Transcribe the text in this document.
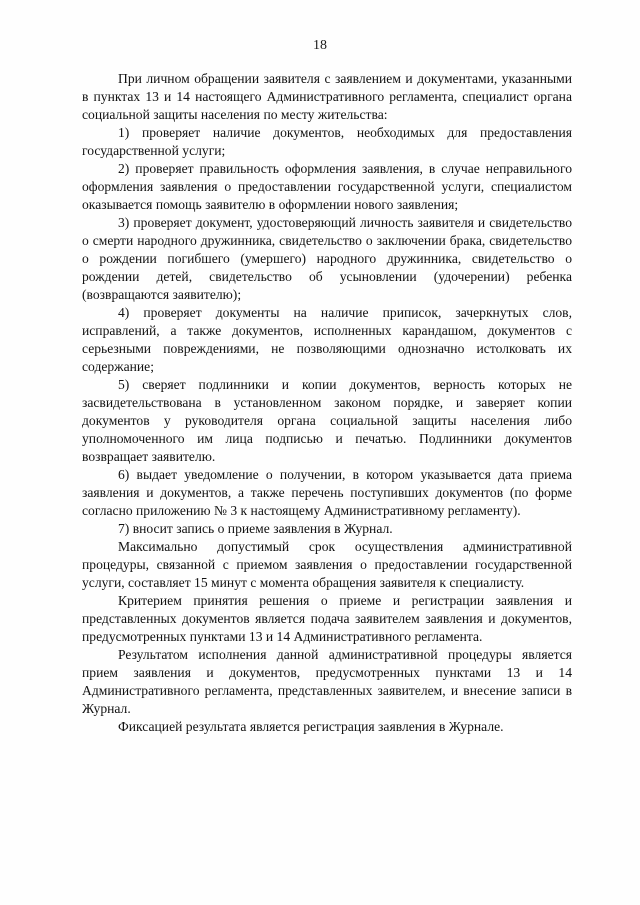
18

При личном обращении заявителя с заявлением и документами, указанными в пунктах 13 и 14 настоящего Административного регламента, специалист органа социальной защиты населения по месту жительства:

1) проверяет наличие документов, необходимых для предоставления государственной услуги;

2) проверяет правильность оформления заявления, в случае неправильного оформления заявления о предоставлении государственной услуги, специалистом оказывается помощь заявителю в оформлении нового заявления;

3) проверяет документ, удостоверяющий личность заявителя и свидетельство о смерти народного дружинника, свидетельство о заключении брака, свидетельство о рождении погибшего (умершего) народного дружинника, свидетельство о рождении детей, свидетельство об усыновлении (удочерении) ребенка (возвращаются заявителю);

4) проверяет документы на наличие приписок, зачеркнутых слов, исправлений, а также документов, исполненных карандашом, документов с серьезными повреждениями, не позволяющими однозначно истолковать их содержание;

5) сверяет подлинники и копии документов, верность которых не засвидетельствована в установленном законом порядке, и заверяет копии документов у руководителя органа социальной защиты населения либо уполномоченного им лица подписью и печатью. Подлинники документов возвращает заявителю.

6) выдает уведомление о получении, в котором указывается дата приема заявления и документов, а также перечень поступивших документов (по форме согласно приложению № 3 к настоящему Административному регламенту).

7) вносит запись о приеме заявления в Журнал.

Максимально допустимый срок осуществления административной процедуры, связанной с приемом заявления о предоставлении государственной услуги, составляет 15 минут с момента обращения заявителя к специалисту.

Критерием принятия решения о приеме и регистрации заявления и представленных документов является подача заявителем заявления и документов, предусмотренных пунктами 13 и 14 Административного регламента.

Результатом исполнения данной административной процедуры является прием заявления и документов, предусмотренных пунктами 13 и 14 Административного регламента, представленных заявителем, и внесение записи в Журнал.

Фиксацией результата является регистрация заявления в Журнале.
